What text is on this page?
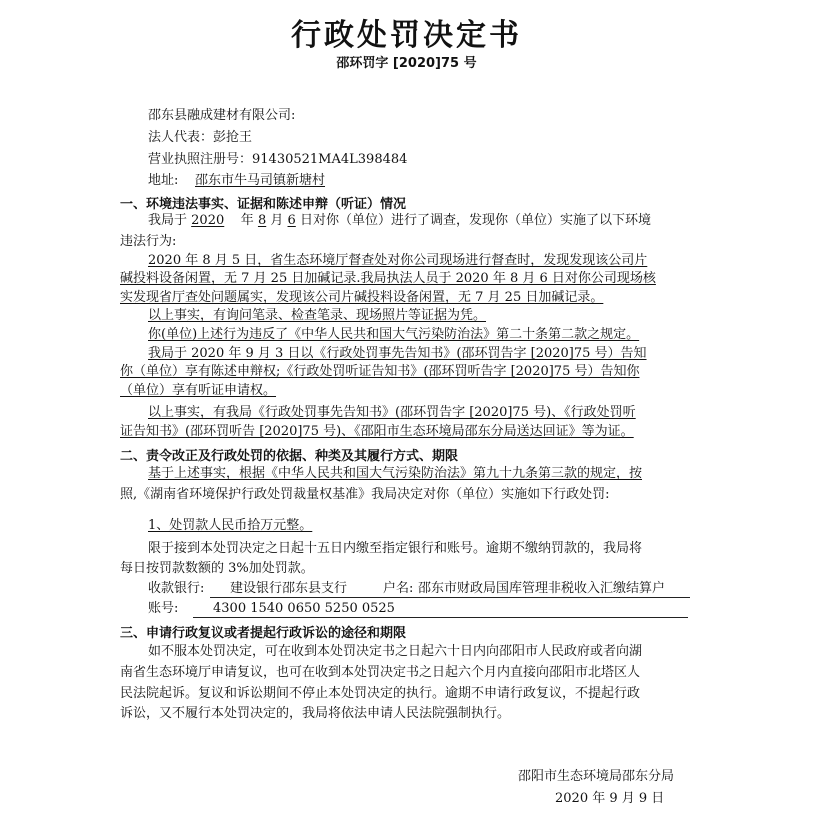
行政处罚决定书
邵环罚字 [2020]75 号
邵东县融成建材有限公司:
法人代表：彭抢王
营业执照注册号：91430521MA4L398484
地址: 邵东市牛马司镇新塘村
一、环境违法事实、证据和陈述申辩（听证）情况
我局于 2020 年 8 月 6 日对你（单位）进行了调查，发现你（单位）实施了以下环境
违法行为:
2020 年 8 月 5 日，省生态环境厅督查处对你公司现场进行督查时，发现发现该公司片
碱投料设备闲置，无 7 月 25 日加碱记录.我局执法人员于 2020 年 8 月 6 日对你公司现场核
实发现省厅查处问题属实，发现该公司片碱投料设备闲置，无 7 月 25 日加碱记录。
以上事实，有询问笔录、检查笔录、现场照片等证据为凭。
你(单位)上述行为违反了《中华人民共和国大气污染防治法》第二十条第二款之规定。
我局于 2020 年 9 月 3 日以《行政处罚事先告知书》(邵环罚告字 [2020]75 号）告知
你（单位）享有陈述申辩权;《行政处罚听证告知书》(邵环罚听告字 [2020]75 号）告知你
（单位）享有听证申请权。
以上事实，有我局《行政处罚事先告知书》(邵环罚告字 [2020]75 号)、《行政处罚听
证告知书》(邵环罚听告 [2020]75 号)、《邵阳市生态环境局邵东分局送达回证》等为证。
二、责令改正及行政处罚的依据、种类及其履行方式、期限
基于上述事实，根据《中华人民共和国大气污染防治法》第九十九条第三款的规定，按
照,《湖南省环境保护行政处罚裁量权基准》我局决定对你（单位）实施如下行政处罚:
1、处罚款人民币拾万元整。
限于接到本处罚决定之日起十五日内缴至指定银行和账号。逾期不缴纳罚款的，我局将
每日按罚款数额的 3%加处罚款。
收款银行: 建设银行邵东县支行	户名: 邵东市财政局国库管理非税收入汇缴结算户
账号:	4300 1540 0650 5250 0525
三、申请行政复议或者提起行政诉讼的途径和期限
如不服本处罚决定，可在收到本处罚决定书之日起六十日内向邵阳市人民政府或者向湖
南省生态环境厅申请复议，也可在收到本处罚决定书之日起六个月内直接向邵阳市北塔区人
民法院起诉。复议和诉讼期间不停止本处罚决定的执行。逾期不申请行政复议，不提起行政
诉讼，又不履行本处罚决定的，我局将依法申请人民法院强制执行。
邵阳市生态环境局邵东分局
2020 年 9 月 9 日
